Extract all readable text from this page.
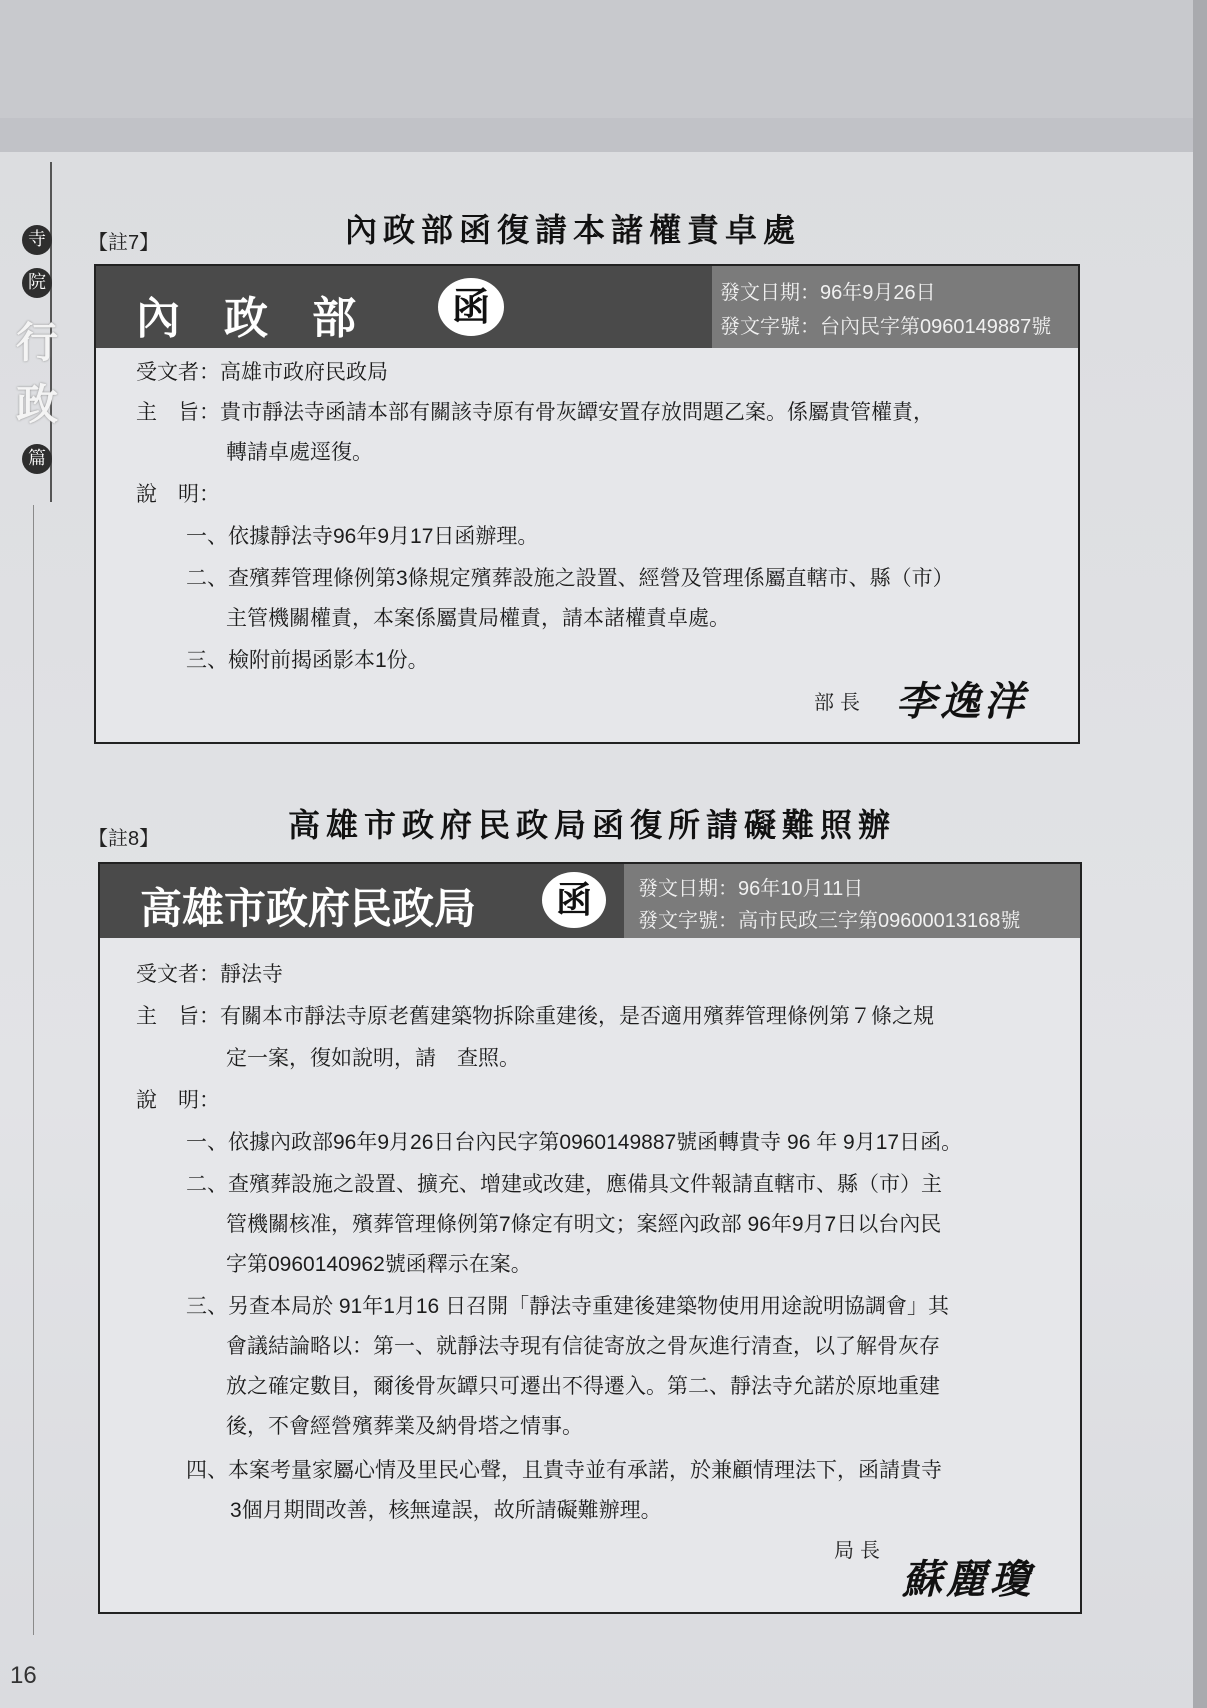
寺
院
行
政
篇
【註7】	內政部函復請本諸權責卓處
內　政　部	函	發文日期：96年9月26日
發文字號：台內民字第0960149887號
受文者：高雄市政府民政局
主　旨：貴市靜法寺函請本部有關該寺原有骨灰罈安置存放問題乙案。係屬貴管權責，
轉請卓處逕復。
說　明：
一、依據靜法寺96年9月17日函辦理。
二、查殯葬管理條例第3條規定殯葬設施之設置、經營及管理係屬直轄市、縣（市）
主管機關權責，本案係屬貴局權責，請本諸權責卓處。
三、檢附前揭函影本1份。
部長 李逸洋
【註8】	高雄市政府民政局函復所請礙難照辦
高雄市政府民政局	函	發文日期：96年10月11日
發文字號：高市民政三字第09600013168號
受文者：靜法寺
主　旨：有關本市靜法寺原老舊建築物拆除重建後，是否適用殯葬管理條例第７條之規
定一案，復如說明，請　查照。
說　明：
一、依據內政部96年9月26日台內民字第0960149887號函轉貴寺 96 年 9月17日函。
二、查殯葬設施之設置、擴充、增建或改建，應備具文件報請直轄市、縣（市）主
管機關核准，殯葬管理條例第7條定有明文；案經內政部 96年9月7日以台內民
字第0960140962號函釋示在案。
三、另查本局於 91年1月16 日召開「靜法寺重建後建築物使用用途說明協調會」其
會議結論略以：第一、就靜法寺現有信徒寄放之骨灰進行清查，以了解骨灰存
放之確定數目，爾後骨灰罈只可遷出不得遷入。第二、靜法寺允諾於原地重建
後，不會經營殯葬業及納骨塔之情事。
四、本案考量家屬心情及里民心聲，且貴寺並有承諾，於兼顧情理法下，函請貴寺
3個月期間改善，核無違誤，故所請礙難辦理。
局長
蘇麗瓊
16
